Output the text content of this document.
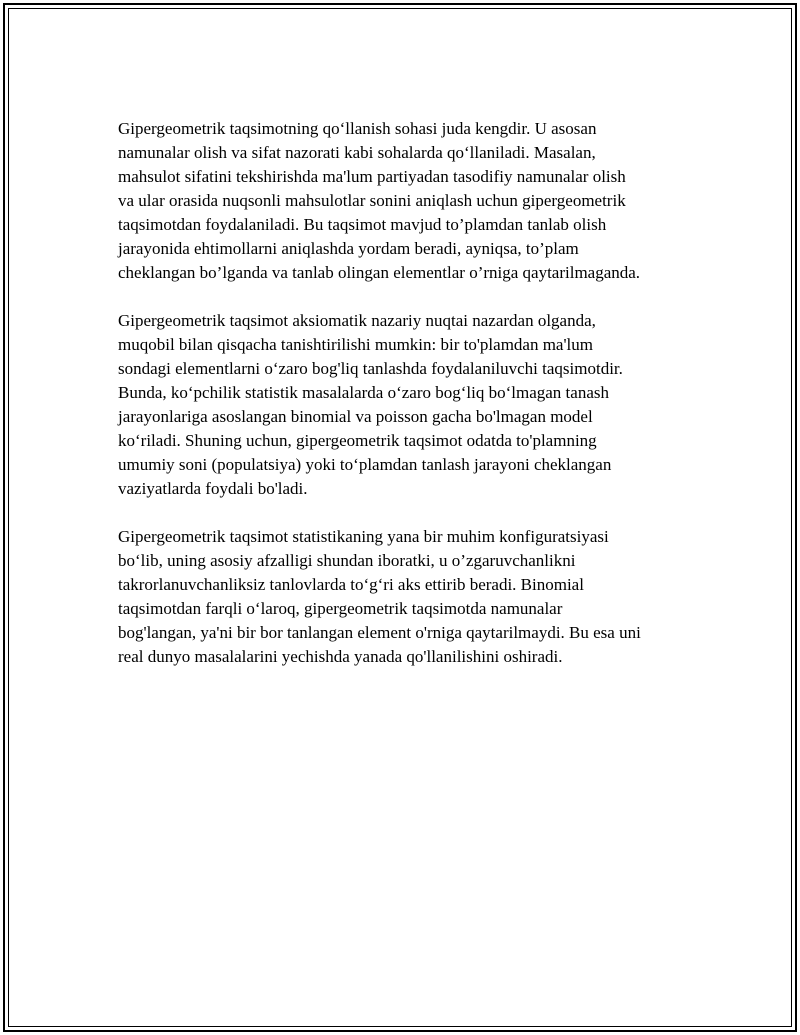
Gipergeometrik taqsimotning qo‘llanish sohasi juda kengdir. U asosan
namunalar olish va sifat nazorati kabi sohalarda qo‘llaniladi. Masalan,
mahsulot sifatini tekshirishda ma'lum partiyadan tasodifiy namunalar olish
va ular orasida nuqsonli mahsulotlar sonini aniqlash uchun gipergeometrik
taqsimotdan foydalaniladi. Bu taqsimot mavjud to’plamdan tanlab olish
jarayonida ehtimollarni aniqlashda yordam beradi, ayniqsa, to’plam
cheklangan bo’lganda va tanlab olingan elementlar o’rniga qaytarilmaganda.

Gipergeometrik taqsimot aksiomatik nazariy nuqtai nazardan olganda,
muqobil bilan qisqacha tanishtirilishi mumkin: bir to'plamdan ma'lum
sondagi elementlarni o‘zaro bog'liq tanlashda foydalaniluvchi taqsimotdir.
Bunda, ko‘pchilik statistik masalalarda o‘zaro bog‘liq bo‘lmagan tanash
jarayonlariga asoslangan binomial va poisson gacha bo'lmagan model
ko‘riladi. Shuning uchun, gipergeometrik taqsimot odatda to'plamning
umumiy soni (populatsiya) yoki to‘plamdan tanlash jarayoni cheklangan
vaziyatlarda foydali bo'ladi.

Gipergeometrik taqsimot statistikaning yana bir muhim konfiguratsiyasi
bo‘lib, uning asosiy afzalligi shundan iboratki, u o’zgaruvchanlikni
takrorlanuvchanliksiz tanlovlarda to‘g‘ri aks ettirib beradi. Binomial
taqsimotdan farqli o‘laroq, gipergeometrik taqsimotda namunalar
bog'langan, ya'ni bir bor tanlangan element o'rniga qaytarilmaydi. Bu esa uni
real dunyo masalalarini yechishda yanada qo'llanilishini oshiradi.
